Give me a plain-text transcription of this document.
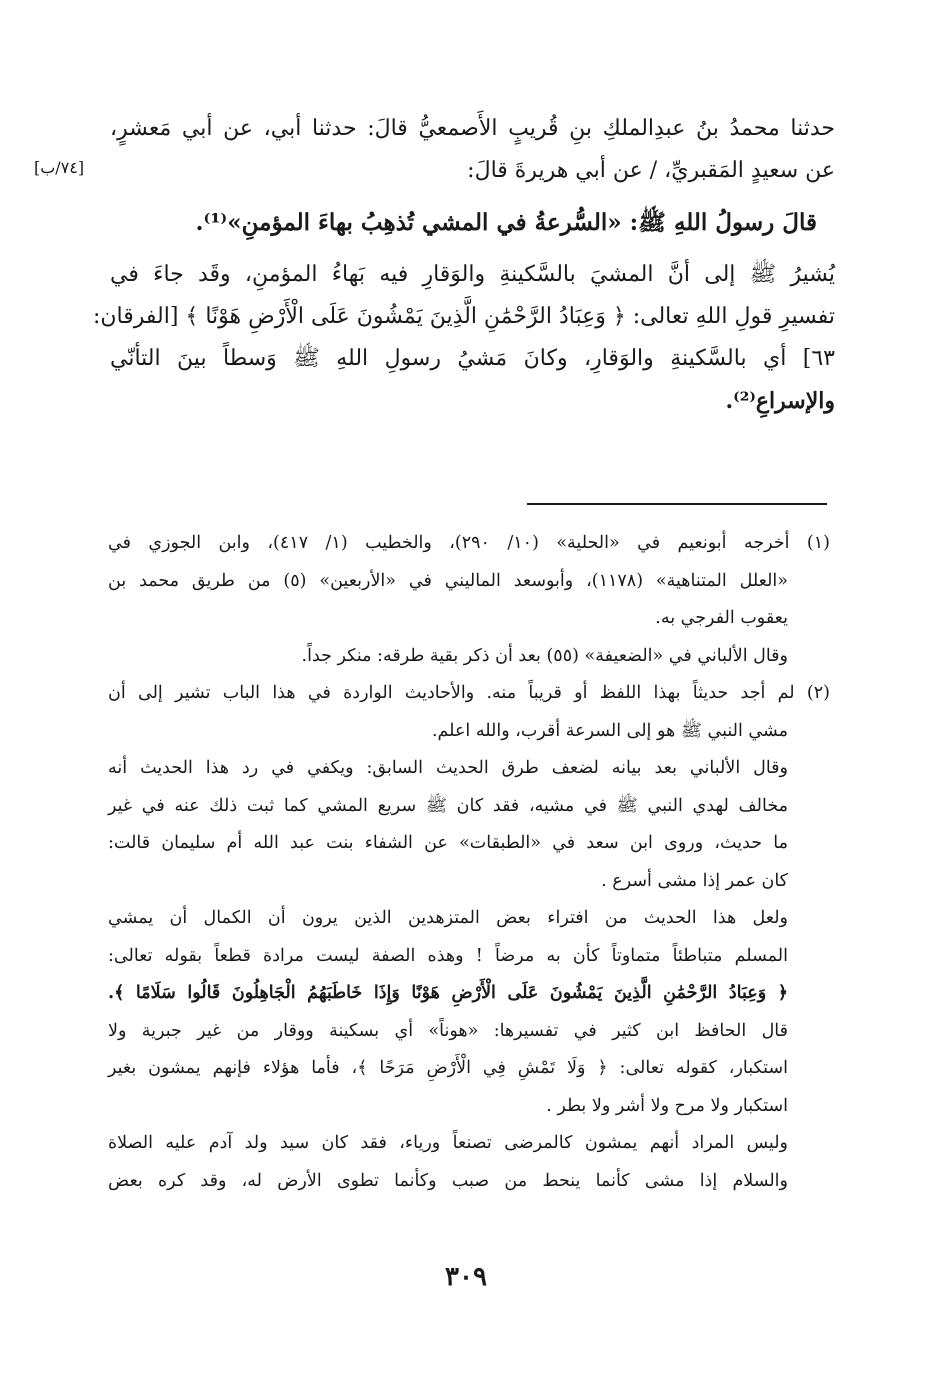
[٧٤/ب]
حدثنا محمدُ بنُ عبدِالملكِ بنِ قُريبٍ الأَصمعيُّ قالَ: حدثنا أبي، عن أبي مَعشرٍ،
عن سعيدٍ المَقبريِّ، / عن أبي هريرةَ قالَ:
قالَ رسولُ اللهِ ﷺ: «السُّرعةُ في المشي تُذهِبُ بهاءَ المؤمنِ»⁽¹⁾.
يُشيرُ ﷺ إلى أنَّ المشيَ بالسَّكينةِ والوَقارِ فيه بَهاءُ المؤمنِ، وقَد جاءَ في
تفسيرِ قولِ اللهِ تعالى: ﴿ وَعِبَادُ الرَّحْمَٰنِ الَّذِينَ يَمْشُونَ عَلَى الْأَرْضِ هَوْنًا ﴾ [الفرقان:
٦٣] أي بالسَّكينةِ والوَقارِ، وكانَ مَشيُ رسولِ اللهِ ﷺ وَسطاً بينَ التأنّي
والإسراعِ⁽²⁾.
(١) أخرجه أبونعيم في «الحلية» (١٠/ ٢٩٠)، والخطيب (١/ ٤١٧)، وابن الجوزي في
«العلل المتناهية» (١١٧٨)، وأبوسعد الماليني في «الأربعين» (٥) من طريق محمد بن
يعقوب الفرجي به.
وقال الألباني في «الضعيفة» (٥٥) بعد أن ذكر بقية طرقه: منكر جداً.
(٢) لم أجد حديثاً بهذا اللفظ أو قريباً منه. والأحاديث الواردة في هذا الباب تشير إلى أن
مشي النبي ﷺ هو إلى السرعة أقرب، والله اعلم.
وقال الألباني بعد بيانه لضعف طرق الحديث السابق: ويكفي في رد هذا الحديث أنه
مخالف لهدي النبي ﷺ في مشيه، فقد كان ﷺ سريع المشي كما ثبت ذلك عنه في غير
ما حديث، وروى ابن سعد في «الطبقات» عن الشفاء بنت عبد الله أم سليمان قالت:
كان عمر إذا مشى أسرع .
ولعل هذا الحديث من افتراء بعض المتزهدين الذين يرون أن الكمال أن يمشي
المسلم متباطئاً متماوتاً كأن به مرضاً ! وهذه الصفة ليست مرادة قطعاً بقوله تعالى:
﴿ وَعِبَادُ الرَّحْمَٰنِ الَّذِينَ يَمْشُونَ عَلَى الْأَرْضِ هَوْنًا وَإِذَا خَاطَبَهُمُ الْجَاهِلُونَ قَالُوا سَلَامًا ﴾.
قال الحافظ ابن كثير في تفسيرها: «هوناً» أي بسكينة ووقار من غير جبرية ولا
استكبار، كقوله تعالى: ﴿ وَلَا تَمْشِ فِي الْأَرْضِ مَرَحًا ﴾، فأما هؤلاء فإنهم يمشون بغير
استكبار ولا مرح ولا أشر ولا بطر .
وليس المراد أنهم يمشون كالمرضى تصنعاً ورياء، فقد كان سيد ولد آدم عليه الصلاة
والسلام إذا مشى كأنما ينحط من صبب وكأنما تطوى الأرض له، وقد كره بعض
٣٠٩
